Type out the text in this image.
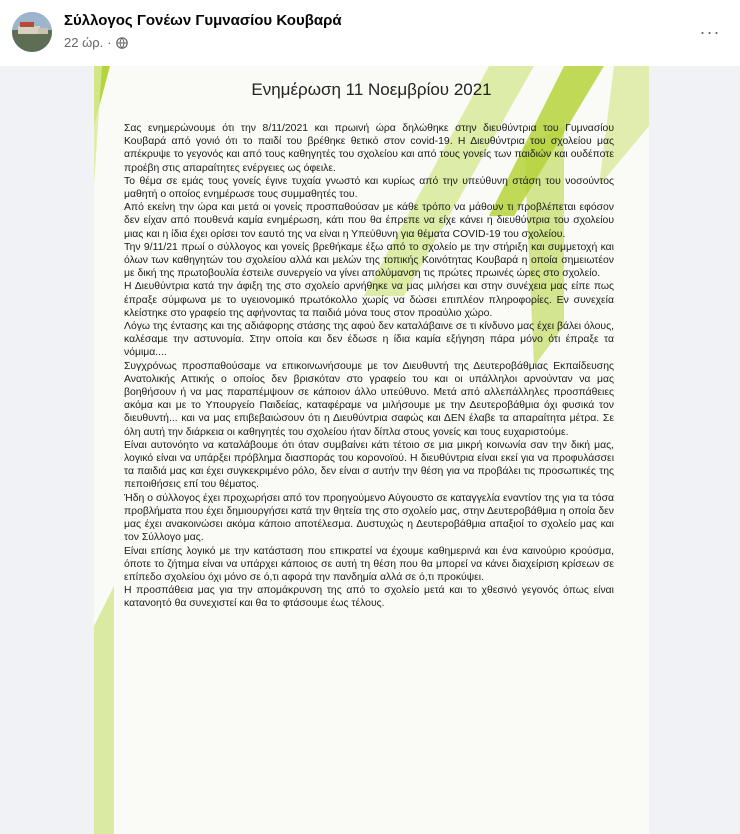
Σύλλογος Γονέων Γυμνασίου Κουβαρά
22 ώρ. ·
···
Ενημέρωση 11 Νοεμβρίου 2021

Σας ενημερώνουμε ότι την 8/11/2021 και πρωινή ώρα δηλώθηκε στην διευθύντρια του Γυμνασίου Κουβαρά από γονιό ότι το παιδί του βρέθηκε θετικό στον covid-19. Η Διευθύντρια του σχολείου μας απέκρυψε το γεγονός και από τους καθηγητές του σχολείου και από τους γονείς των παιδιών και ουδέποτε προέβη στις απαραίτητες ενέργειες ως όφειλε.

Το θέμα σε εμάς τους γονείς έγινε τυχαία γνωστό και κυρίως από την υπεύθυνη στάση του νοσούντος μαθητή ο οποίος ενημέρωσε τους συμμαθητές του.

Από εκείνη την ώρα και μετά οι γονείς προσπαθούσαν με κάθε τρόπο να μάθουν τι προβλέπεται εφόσον δεν είχαν από πουθενά καμία ενημέρωση, κάτι που θα έπρεπε να είχε κάνει η διευθύντρια του σχολείου μιας και η ίδια έχει ορίσει τον εαυτό της να είναι η Υπεύθυνη για θέματα COVID-19 του σχολείου.

Την 9/11/21 πρωί ο σύλλογος και γονείς βρεθήκαμε έξω από το σχολείο με την στήριξη και συμμετοχή και όλων των καθηγητών του σχολείου αλλά και μελών της τοπικής Κοινότητας Κουβαρά η οποία σημειωτέον με δική της πρωτοβουλία έστειλε συνεργείο να γίνει απολύμανση τις πρώτες πρωινές ώρες στο σχολείο.

Η Διευθύντρια κατά την άφιξη της στο σχολείο αρνήθηκε να μας μιλήσει και στην συνέχεια μας είπε πως έπραξε σύμφωνα με το υγειονομικό πρωτόκολλο χωρίς να δώσει επιπλέον πληροφορίες. Εν συνεχεία κλείστηκε στο γραφείο της αφήνοντας τα παιδιά μόνα τους στον προαύλιο χώρο.

Λόγω της έντασης και της αδιάφορης στάσης της αφού δεν καταλάβαινε σε τι κίνδυνο μας έχει βάλει όλους, καλέσαμε την αστυνομία. Στην οποία και δεν έδωσε η ίδια καμία εξήγηση πάρα μόνο ότι έπραξε τα νόμιμα....

Συγχρόνως προσπαθούσαμε να επικοινωνήσουμε με τον Διευθυντή της Δευτεροβάθμιας Εκπαίδευσης Ανατολικής Αττικής ο οποίος δεν βρισκόταν στο γραφείο του και οι υπάλληλοι αρνούνταν να μας βοηθήσουν ή να μας παραπέμψουν σε κάποιον άλλο υπεύθυνο. Μετά από αλλεπάλληλες προσπάθειες ακόμα και με το Υπουργείο Παιδείας, καταφέραμε να μιλήσουμε με την Δευτεροβάθμια όχι φυσικά τον διευθυντή... και να μας επιβεβαιώσουν ότι η Διευθύντρια σαφώς και ΔΕΝ έλαβε τα απαραίτητα μέτρα. Σε όλη αυτή την διάρκεια οι καθηγητές του σχολείου ήταν δίπλα στους γονείς και τους ευχαριστούμε.

Είναι αυτονόητο να καταλάβουμε ότι όταν συμβαίνει κάτι τέτοιο σε μια μικρή κοινωνία σαν την δική μας, λογικό είναι να υπάρξει πρόβλημα διασποράς του κορονοϊού. Η διευθύντρια είναι εκεί για να προφυλάσσει τα παιδιά μας και έχει συγκεκριμένο ρόλο, δεν είναι σ αυτήν την θέση για να προβάλει τις προσωπικές της πεποιθήσεις επί του θέματος.

Ήδη ο σύλλογος έχει προχωρήσει από τον προηγούμενο Αύγουστο σε καταγγελία εναντίον της για τα τόσα προβλήματα που έχει δημιουργήσει κατά την θητεία της στο σχολείο μας, στην Δευτεροβάθμια η οποία δεν μας έχει ανακοινώσει ακόμα κάποιο αποτέλεσμα. Δυστυχώς η Δευτεροβάθμια απαξιοί το σχολείο μας και τον Σύλλογο μας.

Είναι επίσης λογικό με την κατάσταση που επικρατεί να έχουμε καθημερινά και ένα καινούριο κρούσμα, όποτε το ζήτημα είναι να υπάρχει κάποιος σε αυτή τη θέση που θα μπορεί να κάνει διαχείριση κρίσεων σε επίπεδο σχολείου όχι μόνο σε ό,τι αφορά την πανδημία αλλά σε ό,τι προκύψει.

Η προσπάθεια μας για την απομάκρυνση της από το σχολείο μετά και το χθεσινό γεγονός όπως είναι κατανοητό θα συνεχιστεί και θα το φτάσουμε έως τέλους.
